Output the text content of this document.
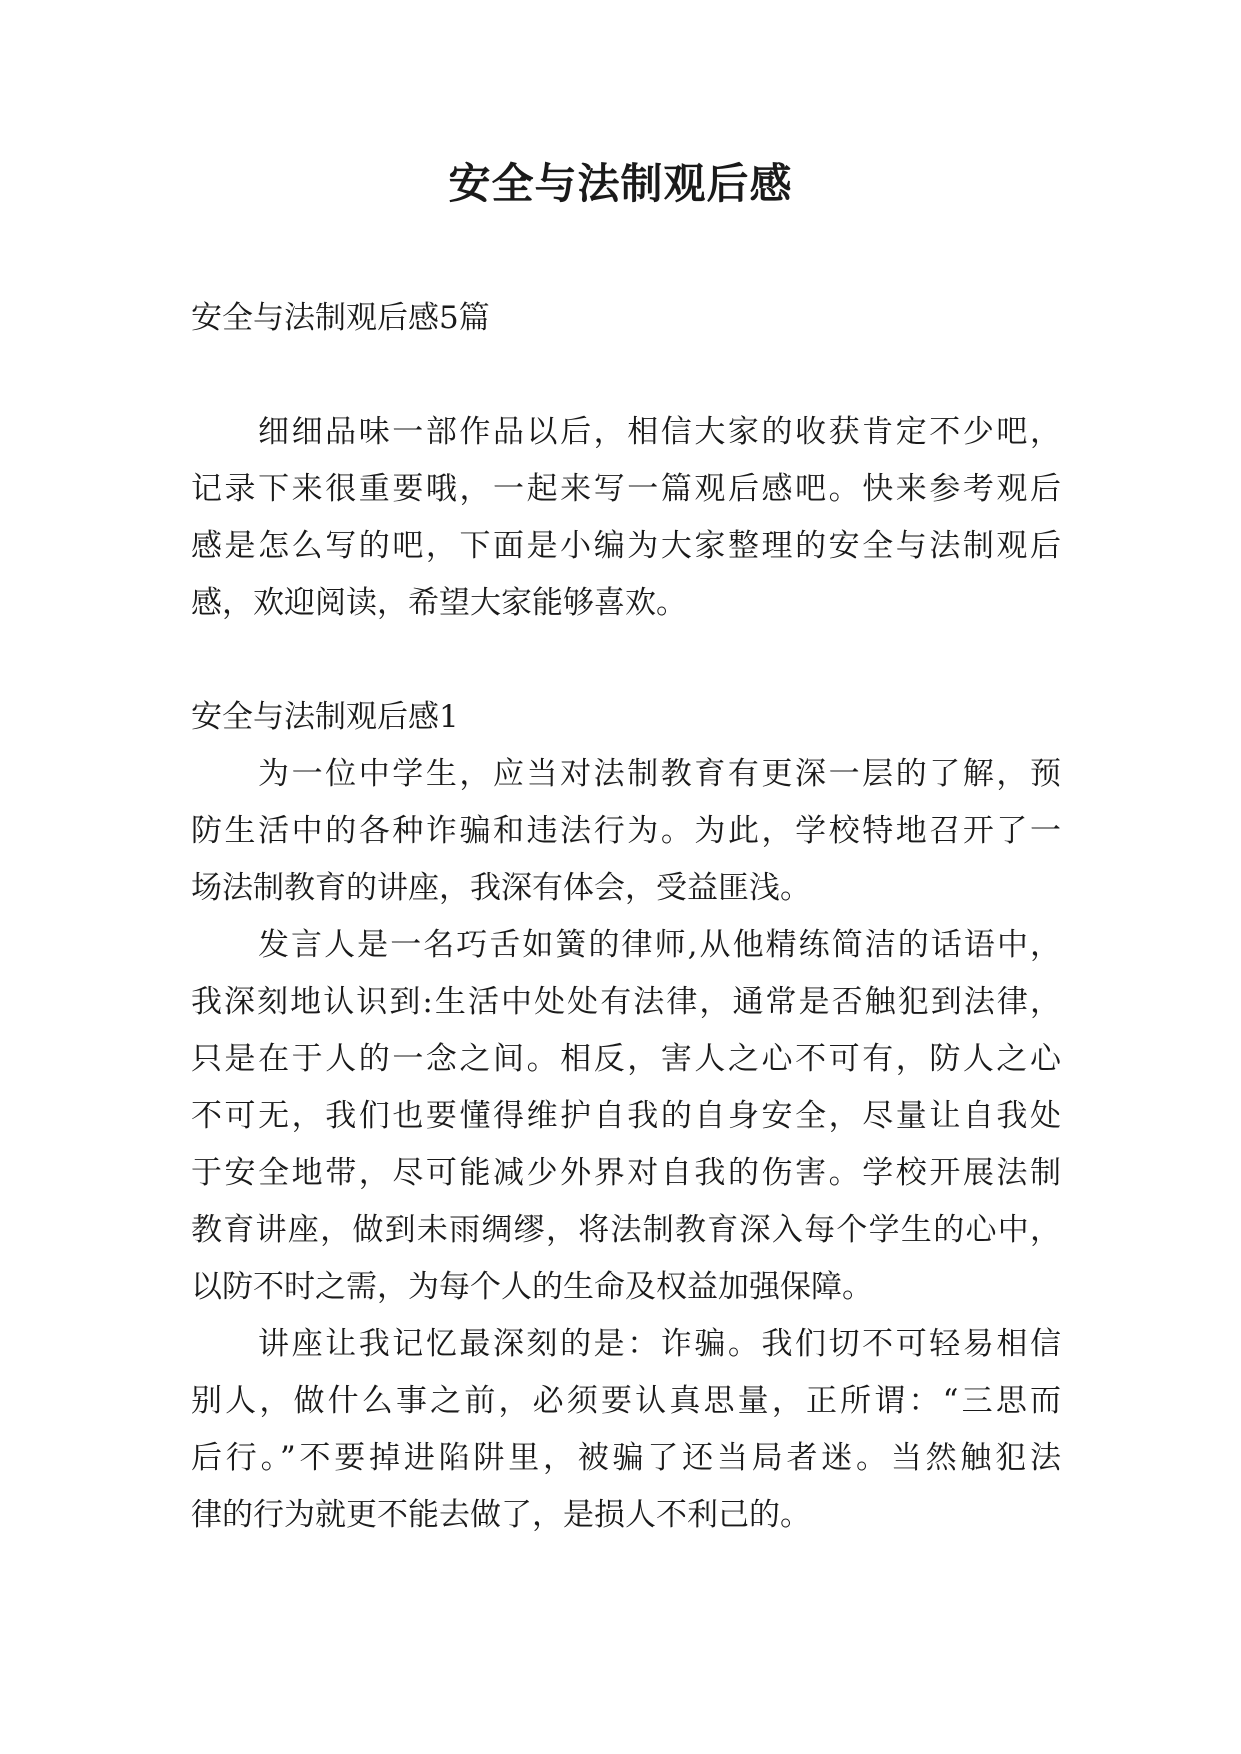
安全与法制观后感
安全与法制观后感5篇
细细品味一部作品以后，相信大家的收获肯定不少吧，
记录下来很重要哦，一起来写一篇观后感吧。快来参考观后
感是怎么写的吧，下面是小编为大家整理的安全与法制观后
感，欢迎阅读，希望大家能够喜欢。
安全与法制观后感1
为一位中学生，应当对法制教育有更深一层的了解，预
防生活中的各种诈骗和违法行为。为此，学校特地召开了一
场法制教育的讲座，我深有体会，受益匪浅。
发言人是一名巧舌如簧的律师,从他精练简洁的话语中，
我深刻地认识到:生活中处处有法律，通常是否触犯到法律，
只是在于人的一念之间。相反，害人之心不可有，防人之心
不可无，我们也要懂得维护自我的自身安全，尽量让自我处
于安全地带，尽可能减少外界对自我的伤害。学校开展法制
教育讲座，做到未雨绸缪，将法制教育深入每个学生的心中，
以防不时之需，为每个人的生命及权益加强保障。
讲座让我记忆最深刻的是：诈骗。我们切不可轻易相信
别人，做什么事之前，必须要认真思量，正所谓：“三思而
后行。”不要掉进陷阱里，被骗了还当局者迷。当然触犯法
律的行为就更不能去做了，是损人不利己的。
